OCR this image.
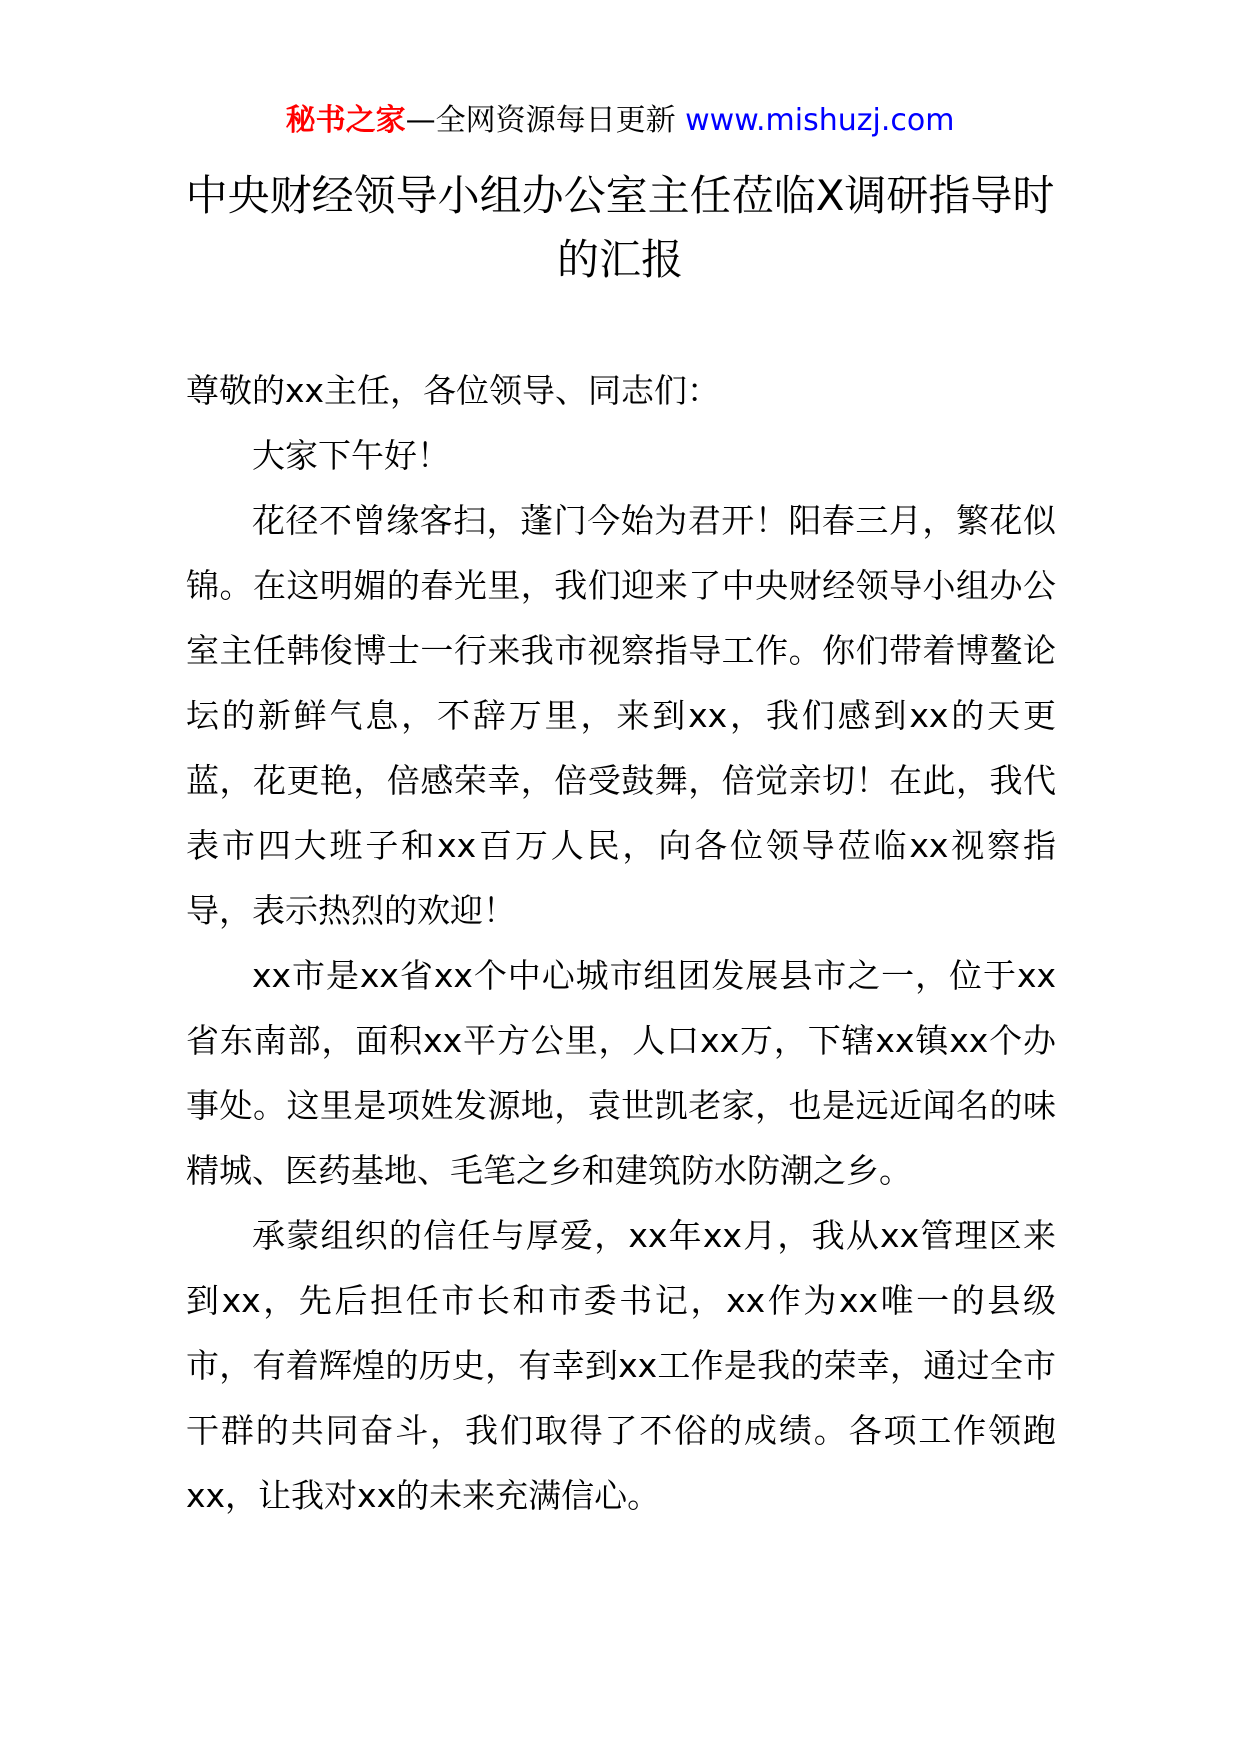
秘书之家—全网资源每日更新 www.mishuzj.com
中央财经领导小组办公室主任莅临Ⅹ调研指导时的汇报

尊敬的xx主任，各位领导、同志们：

大家下午好！

花径不曾缘客扫，蓬门今始为君开！阳春三月，繁花似锦。在这明媚的春光里，我们迎来了中央财经领导小组办公室主任韩俊博士一行来我市视察指导工作。你们带着博鳌论坛的新鲜气息，不辞万里，来到xx，我们感到xx的天更蓝，花更艳，倍感荣幸，倍受鼓舞，倍觉亲切！在此，我代表市四大班子和xx百万人民，向各位领导莅临xx视察指导，表示热烈的欢迎！

xx市是xx省xx个中心城市组团发展县市之一，位于xx省东南部，面积xx平方公里，人口xx万，下辖xx镇xx个办事处。这里是项姓发源地，袁世凯老家，也是远近闻名的味精城、医药基地、毛笔之乡和建筑防水防潮之乡。

承蒙组织的信任与厚爱，xx年xx月，我从xx管理区来到xx，先后担任市长和市委书记，xx作为xx唯一的县级市，有着辉煌的历史，有幸到xx工作是我的荣幸，通过全市干群的共同奋斗，我们取得了不俗的成绩。各项工作领跑xx，让我对xx的未来充满信心。
